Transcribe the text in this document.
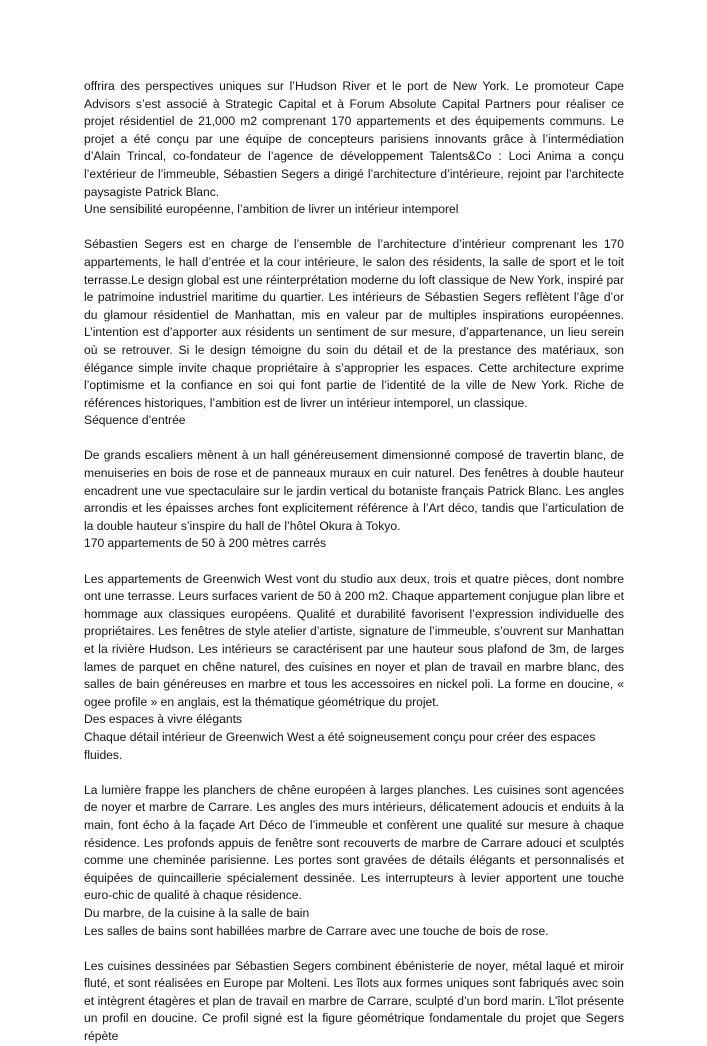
offrira des perspectives uniques sur l’Hudson River et le port de New York. Le promoteur Cape Advisors s’est associé à Strategic Capital et à Forum Absolute Capital Partners pour réaliser ce projet résidentiel de 21,000 m2 comprenant 170 appartements et des équipements communs. Le projet a été conçu par une équipe de concepteurs parisiens innovants grâce à l’intermédiation d’Alain Trincal, co-fondateur de l’agence de développement Talents&Co : Loci Anima a conçu l’extérieur de l’immeuble, Sébastien Segers a dirigé l’architecture d’intérieure, rejoint par l’architecte paysagiste Patrick Blanc.

Une sensibilité européenne, l’ambition de livrer un intérieur intemporel

Sébastien Segers est en charge de l’ensemble de l’architecture d’intérieur comprenant les 170 appartements, le hall d’entrée et la cour intérieure, le salon des résidents, la salle de sport et le toit terrasse.Le design global est une réinterprétation moderne du loft classique de New York, inspiré par le patrimoine industriel maritime du quartier. Les intérieurs de Sébastien Segers reflètent l’âge d’or du glamour résidentiel de Manhattan, mis en valeur par de multiples inspirations européennes. L’intention est d’apporter aux résidents un sentiment de sur mesure, d’appartenance, un lieu serein où se retrouver. Si le design témoigne du soin du détail et de la prestance des matériaux, son élégance simple invite chaque propriétaire à s’approprier les espaces. Cette architecture exprime l’optimisme et la confiance en soi qui font partie de l’identité de la ville de New York. Riche de références historiques, l’ambition est de livrer un intérieur intemporel, un classique.

Séquence d’entrée

De grands escaliers mènent à un hall généreusement dimensionné composé de travertin blanc, de menuiseries en bois de rose et de panneaux muraux en cuir naturel. Des fenêtres à double hauteur encadrent une vue spectaculaire sur le jardin vertical du botaniste français Patrick Blanc. Les angles arrondis et les épaisses arches font explicitement référence à l’Art déco, tandis que l’articulation de la double hauteur s’inspire du hall de l’hôtel Okura à Tokyo.

170 appartements de 50 à 200 mètres carrés

Les appartements de Greenwich West vont du studio aux deux, trois et quatre pièces, dont nombre ont une terrasse. Leurs surfaces varient de 50 à 200 m2. Chaque appartement conjugue plan libre et hommage aux classiques européens. Qualité et durabilité favorisent l’expression individuelle des propriétaires. Les fenêtres de style atelier d’artiste, signature de l’immeuble, s’ouvrent sur Manhattan et la rivière Hudson. Les intérieurs se caractérisent par une hauteur sous plafond de 3m, de larges lames de parquet en chêne naturel, des cuisines en noyer et plan de travail en marbre blanc, des salles de bain généreuses en marbre et tous les accessoires en nickel poli. La forme en doucine, « ogee profile » en anglais, est la thématique géométrique du projet.

Des espaces à vivre élégants

Chaque détail intérieur de Greenwich West a été soigneusement conçu pour créer des espaces fluides.

La lumière frappe les planchers de chêne européen à larges planches. Les cuisines sont agencées de noyer et marbre de Carrare. Les angles des murs intérieurs, délicatement adoucis et enduits à la main, font écho à la façade Art Déco de l’immeuble et confèrent une qualité sur mesure à chaque résidence. Les profonds appuis de fenêtre sont recouverts de marbre de Carrare adouci et sculptés comme une cheminée parisienne. Les portes sont gravées de détails élégants et personnalisés et équipées de quincaillerie spécialement dessinée. Les interrupteurs à levier apportent une touche euro-chic de qualité à chaque résidence.

Du marbre, de la cuisine à la salle de bain

Les salles de bains sont habillées marbre de Carrare avec une touche de bois de rose.

Les cuisines dessinées par Sébastien Segers combinent ébénisterie de noyer, métal laqué et miroir fluté, et sont réalisées en Europe par Molteni. Les îlots aux formes uniques sont fabriqués avec soin et intègrent étagères et plan de travail en marbre de Carrare, sculpté d’un bord marin. L’îlot présente un profil en doucine. Ce profil signé est la figure géométrique fondamentale du projet que Segers répète
